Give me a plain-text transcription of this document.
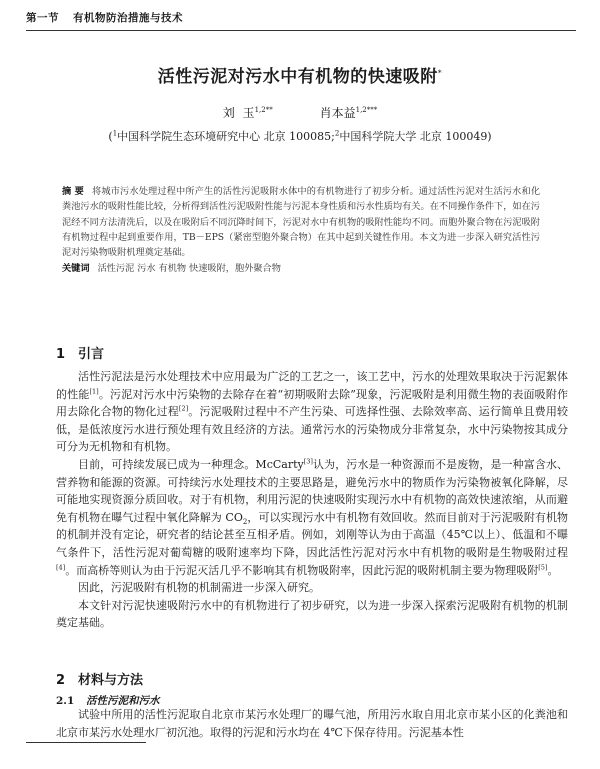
第一节 有机物防治措施与技术
活性污泥对污水中有机物的快速吸附*
刘 玉$^{1,2**}$	肖本益$^{1,2***}$
($^1$中国科学院生态环境研究中心 北京 100085;$^2$中国科学院大学 北京 100049)
摘 要 将城市污水处理过程中所产生的活性污泥吸附水体中的有机物进行了初步分析。通过活性污泥对生活污水和化粪池污水的吸附性能比较，分析得到活性污泥吸附性能与污泥本身性质和污水性质均有关。在不同操作条件下，如在污泥经不同方法清洗后，以及在吸附后不同沉降时间下，污泥对水中有机物的吸附性能均不同。而胞外聚合物在污泥吸附有机物过程中起到重要作用，TB－EPS（紧密型胞外聚合物）在其中起到关键性作用。本文为进一步深入研究活性污泥对污染物吸附机理奠定基础。
关键词 活性污泥 污水 有机物 快速吸附，胞外聚合物
1 引言

活性污泥法是污水处理技术中应用最为广泛的工艺之一，该工艺中，污水的处理效果取决于污泥絮体的性能[1]。污泥对污水中污染物的去除存在着“初期吸附去除”现象，污泥吸附是利用微生物的表面吸附作用去除化合物的物化过程[2]。污泥吸附过程中不产生污染、可选择性强、去除效率高、运行简单且费用较低，是低浓度污水进行预处理有效且经济的方法。通常污水的污染物成分非常复杂，水中污染物按其成分可分为无机物和有机物。

目前，可持续发展已成为一种理念。McCarty[3]认为，污水是一种资源而不是废物，是一种富含水、营养物和能源的资源。可持续污水处理技术的主要思路是，避免污水中的物质作为污染物被氧化降解，尽可能地实现资源分质回收。对于有机物，利用污泥的快速吸附实现污水中有机物的高效快速浓缩，从而避免有机物在曝气过程中氧化降解为 $CO_2$，可以实现污水中有机物有效回收。然而目前对于污泥吸附有机物的机制并没有定论，研究者的结论甚至互相矛盾。例如，刘刚等认为由于高温（45℃以上）、低温和不曝气条件下，活性污泥对葡萄糖的吸附速率均下降，因此活性污泥对污水中有机物的吸附是生物吸附过程[4]。而高桥等则认为由于污泥灭活几乎不影响其有机物吸附率，因此污泥的吸附机制主要为物理吸附[5]。

因此，污泥吸附有机物的机制需进一步深入研究。

本文针对污泥快速吸附污水中的有机物进行了初步研究，以为进一步深入探索污泥吸附有机物的机制奠定基础。

2 材料与方法
2.1 活性污泥和污水

试验中所用的活性污泥取自北京市某污水处理厂的曝气池，所用污水取自用北京市某小区的化粪池和北京市某污水处理水厂初沉池。取得的污泥和污水均在 4℃下保存待用。污泥基本性
